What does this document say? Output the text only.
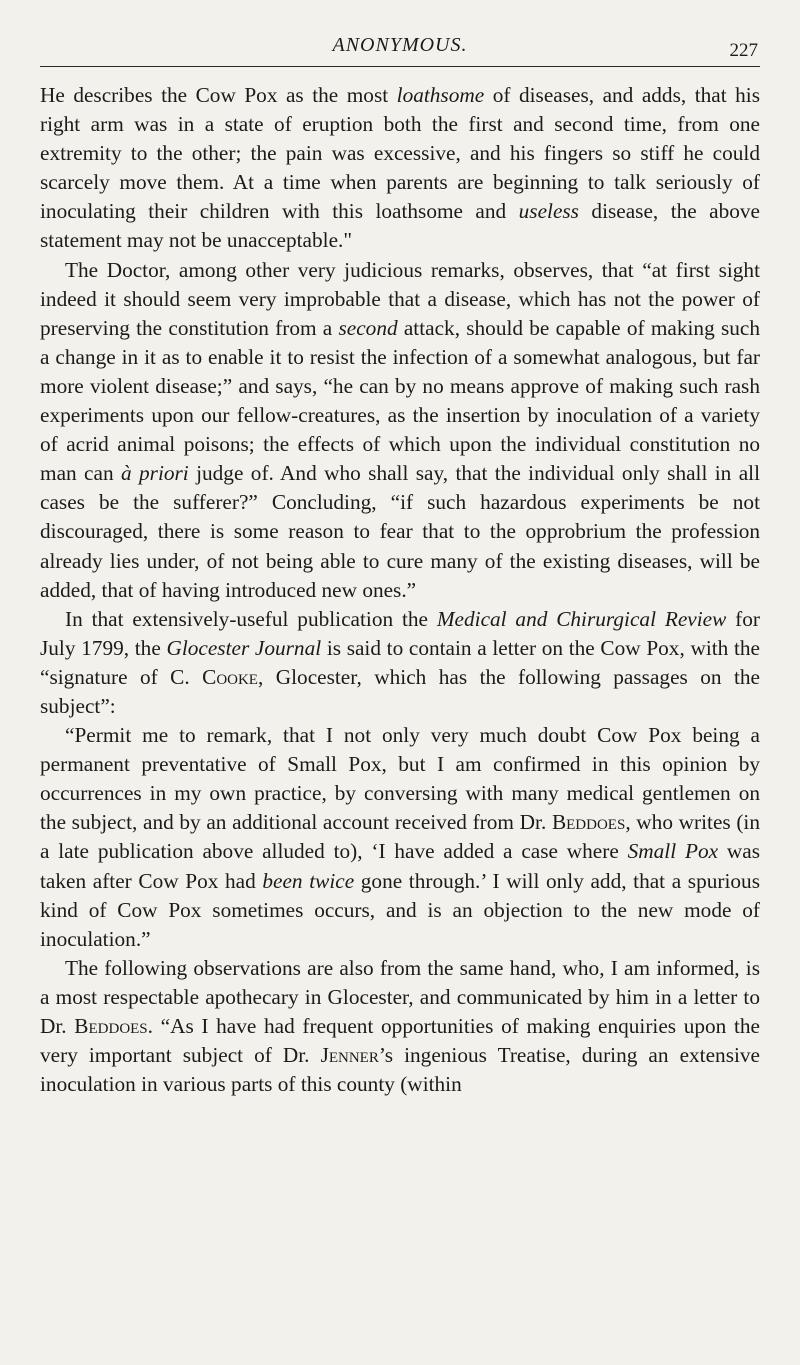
ANONYMOUS.	227

He describes the Cow Pox as the most loathsome of diseases, and adds, that his right arm was in a state of eruption both the first and second time, from one extremity to the other; the pain was excessive, and his fingers so stiff he could scarcely move them. At a time when parents are beginning to talk seriously of inoculating their children with this loathsome and useless disease, the above statement may not be unacceptable."

The Doctor, among other very judicious remarks, observes, that “at first sight indeed it should seem very improbable that a disease, which has not the power of preserving the constitution from a second attack, should be capable of making such a change in it as to enable it to resist the infection of a somewhat analogous, but far more violent disease;” and says, “he can by no means approve of making such rash experiments upon our fellow-creatures, as the insertion by inoculation of a variety of acrid animal poisons; the effects of which upon the individual constitution no man can à priori judge of. And who shall say, that the individual only shall in all cases be the sufferer?” Concluding, “if such hazardous experiments be not discouraged, there is some reason to fear that to the opprobrium the profession already lies under, of not being able to cure many of the existing diseases, will be added, that of having introduced new ones.”

In that extensively-useful publication the Medical and Chirurgical Review for July 1799, the Glocester Journal is said to contain a letter on the Cow Pox, with the “signature of C. Cooke, Glocester, which has the following passages on the subject”:

“Permit me to remark, that I not only very much doubt Cow Pox being a permanent preventative of Small Pox, but I am confirmed in this opinion by occurrences in my own practice, by conversing with many medical gentlemen on the subject, and by an additional account received from Dr. Beddoes, who writes (in a late publication above alluded to), ‘I have added a case where Small Pox was taken after Cow Pox had been twice gone through.’ I will only add, that a spurious kind of Cow Pox sometimes occurs, and is an objection to the new mode of inoculation.”

The following observations are also from the same hand, who, I am informed, is a most respectable apothecary in Glocester, and communicated by him in a letter to Dr. Beddoes. “As I have had frequent opportunities of making enquiries upon the very important subject of Dr. Jenner’s ingenious Treatise, during an extensive inoculation in various parts of this county (within
